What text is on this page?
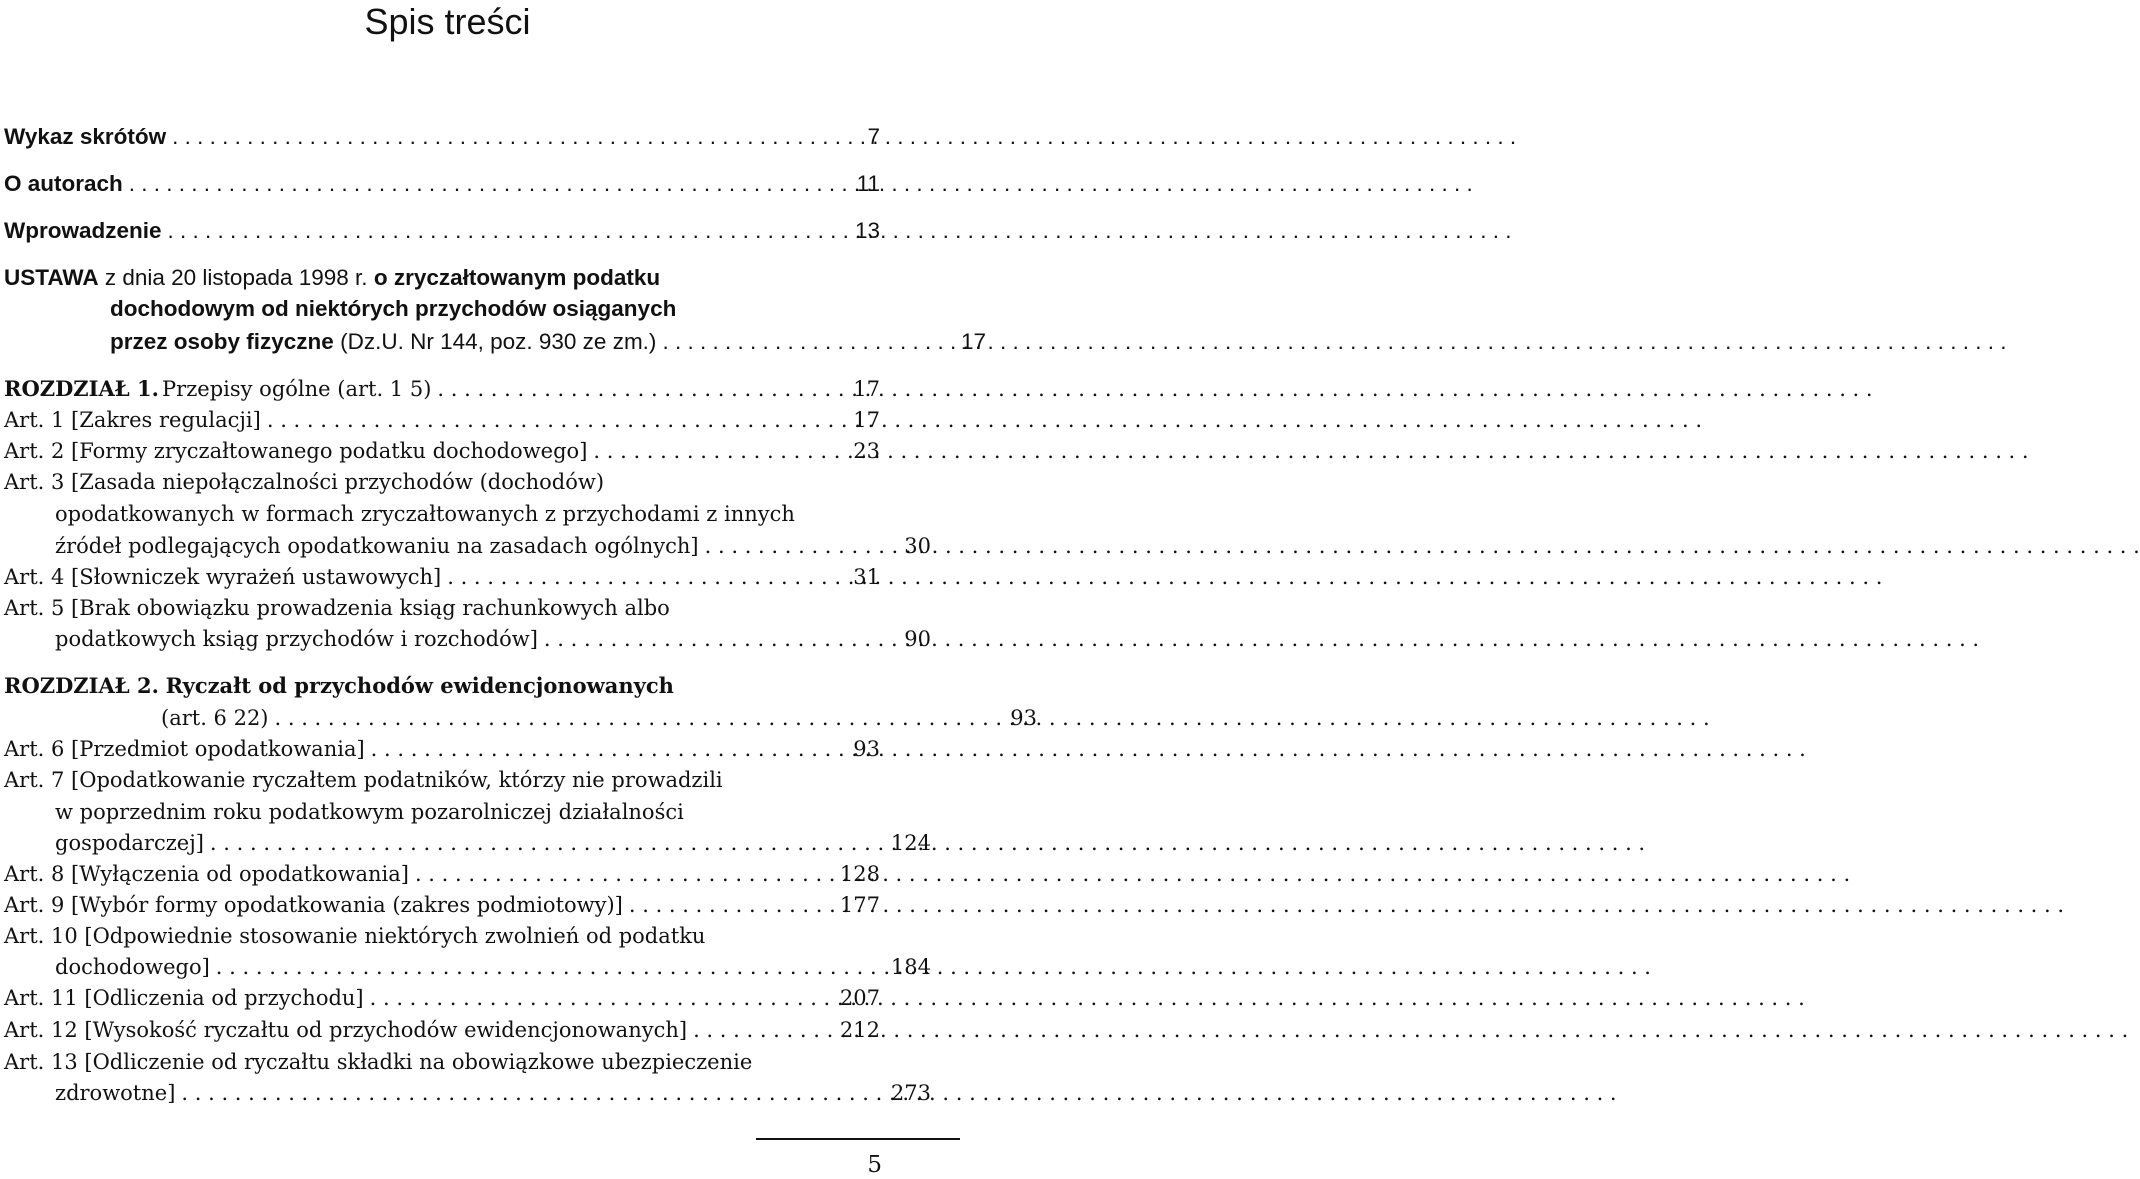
Spis treści
Wykaz skrótów . . .	7
O autorach . . .	11
Wprowadzenie . . .	13
USTAWA
z dnia 20 listopada 1998 r.
o zryczałtowanym podatku
dochodowym od niektórych przychodów osiąganych
przez osoby fizyczne
(Dz.U. Nr 144, poz. 930 ze zm.) . . .	17
ROZDZIAŁ 1. Przepisy ogólne (art. 1 5) . . .	17
Art. 1 [Zakres regulacji] . . .	17
Art. 2 [Formy zryczałtowanego podatku dochodowego] . . .	23
Art. 3 [Zasada niepołączalności przychodów (dochodów)
opodatkowanych w formach zryczałtowanych z przychodami z innych
źródeł podlegających opodatkowaniu na zasadach ogólnych] . . .	30
Art. 4 [Słowniczek wyrażeń ustawowych] . . .	31
Art. 5 [Brak obowiązku prowadzenia ksiąg rachunkowych albo
podatkowych ksiąg przychodów i rozchodów] . . .	90
ROZDZIAŁ 2.
Ryczałt od przychodów ewidencjonowanych
(art. 6 22) . . .	93
Art. 6 [Przedmiot opodatkowania] . . .	93
Art. 7 [Opodatkowanie ryczałtem podatników, którzy nie prowadzili
w poprzednim roku podatkowym pozarolniczej działalności
gospodarczej] . . .	124
Art. 8 [Wyłączenia od opodatkowania] . . .	128
Art. 9 [Wybór formy opodatkowania (zakres podmiotowy)] . . .	177
Art. 10 [Odpowiednie stosowanie niektórych zwolnień od podatku
dochodowego] . . .	184
Art. 11 [Odliczenia od przychodu] . . .	207
Art. 12 [Wysokość ryczałtu od przychodów ewidencjonowanych] . . .	212
Art. 13 [Odliczenie od ryczałtu składki na obowiązkowe ubezpieczenie
zdrowotne] . . .	273
5
